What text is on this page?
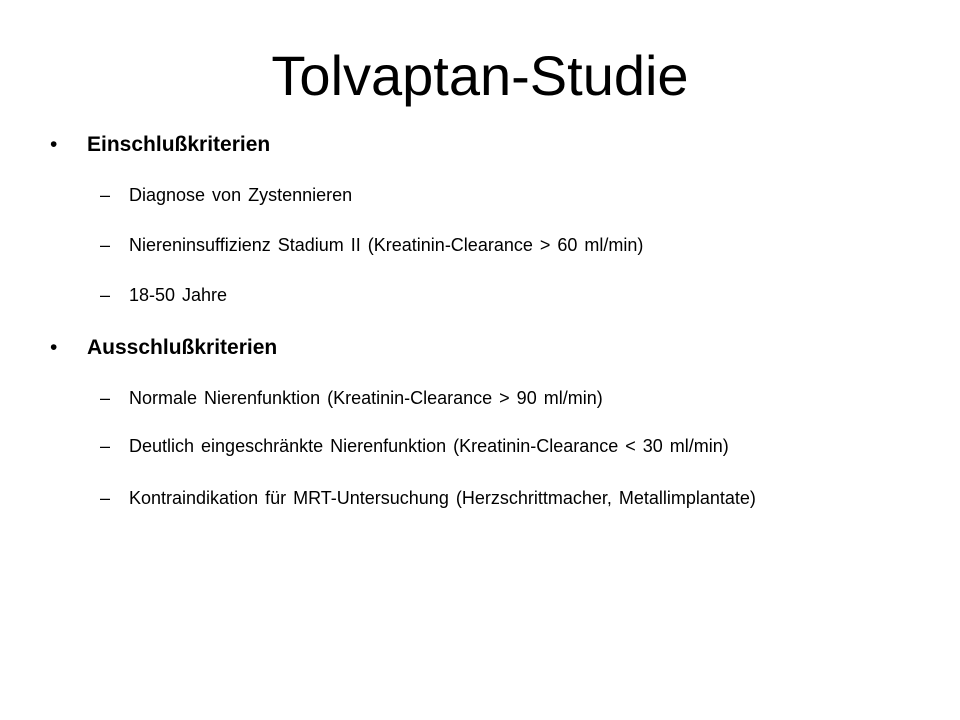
Tolvaptan-Studie
• Einschlußkriterien
– Diagnose von Zystennieren
– Niereninsuffizienz Stadium II (Kreatinin-Clearance > 60 ml/min)
– 18-50 Jahre
• Ausschlußkriterien
– Normale Nierenfunktion (Kreatinin-Clearance > 90 ml/min)
– Deutlich eingeschränkte Nierenfunktion (Kreatinin-Clearance < 30 ml/min)
– Kontraindikation für MRT-Untersuchung (Herzschrittmacher, Metallimplantate)
